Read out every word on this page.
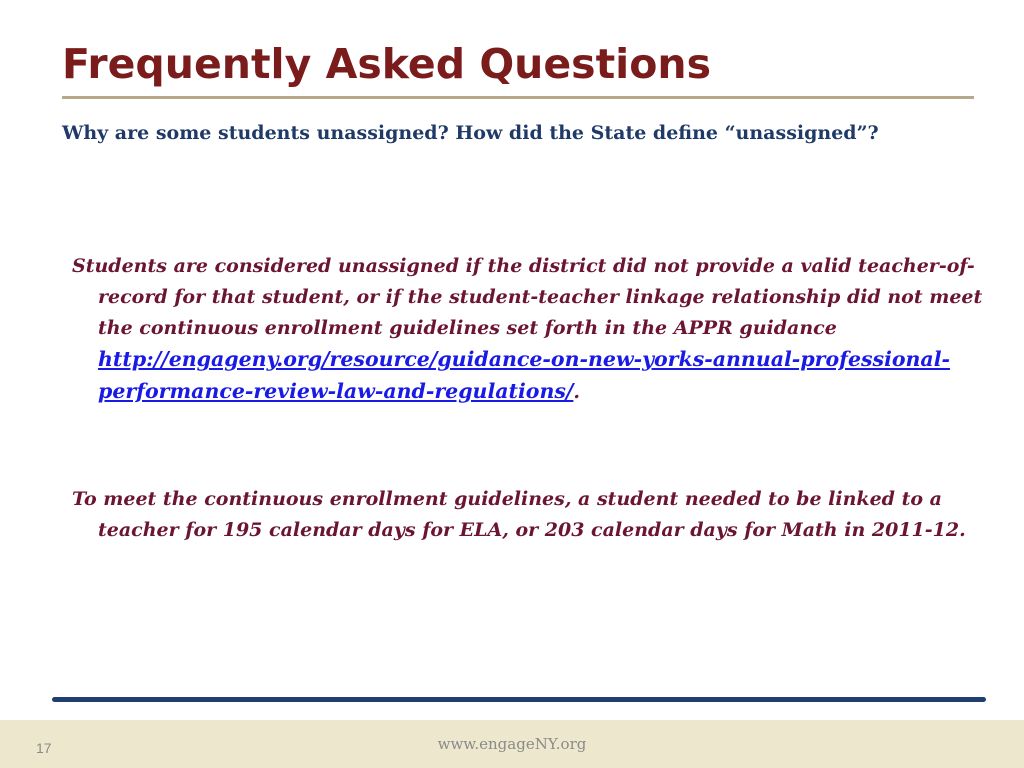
Frequently Asked Questions

Why are some students unassigned? How did the State define “unassigned”?

Students are considered unassigned if the district did not provide a valid teacher-of-record for that student, or if the student-teacher linkage relationship did not meet the continuous enrollment guidelines set forth in the APPR guidance http://engageny.org/resource/guidance-on-new-yorks-annual-professional-performance-review-law-and-regulations/.

To meet the continuous enrollment guidelines, a student needed to be linked to a teacher for 195 calendar days for ELA, or 203 calendar days for Math in 2011-12.

17	www.engageNY.org
